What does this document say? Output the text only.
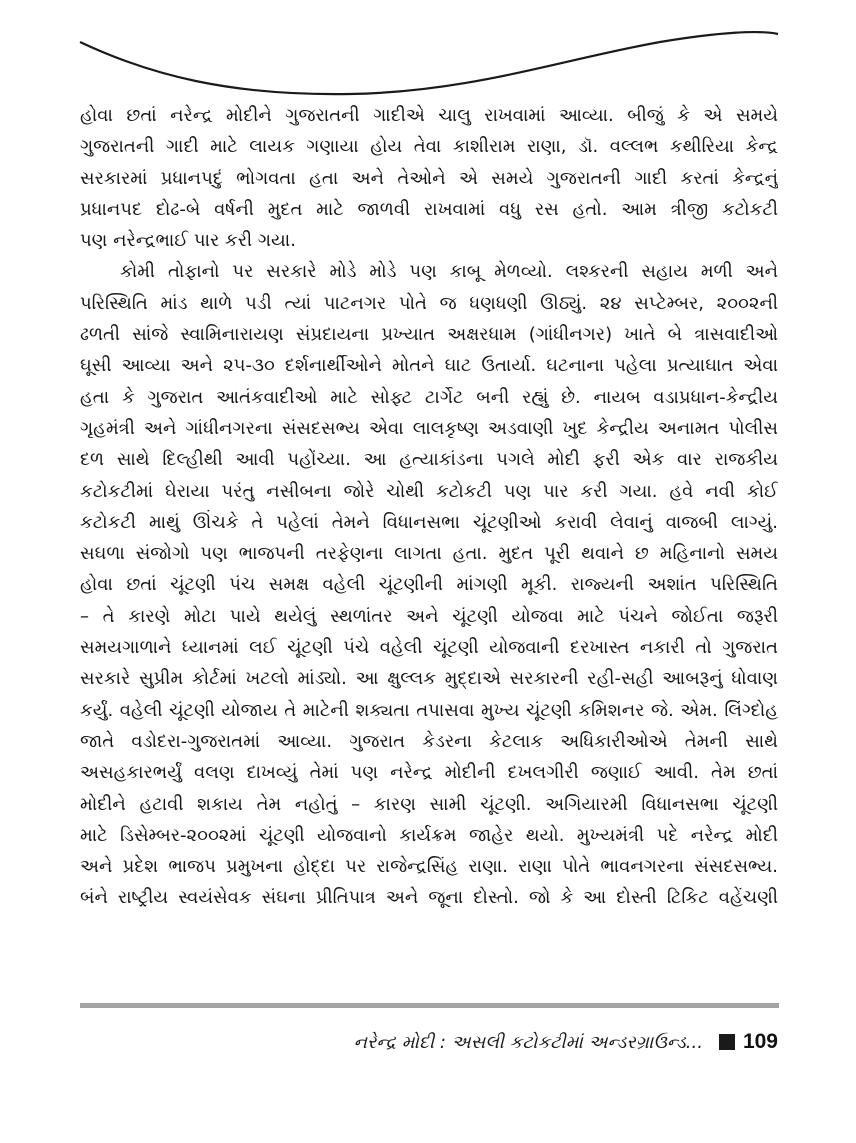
હોવા છતાં નરેન્દ્ર મોદીને ગુજરાતની ગાદીએ ચાલુ રાખવામાં આવ્યા. બીજું કે એ સમયે
ગુજરાતની ગાદી માટે લાયક ગણાયા હોય તેવા કાશીરામ રાણા, ડૉ. વલ્લભ કથીરિયા કેન્દ્ર
સરકારમાં પ્રધાનપદું ભોગવતા હતા અને તેઓને એ સમયે ગુજરાતની ગાદી કરતાં કેન્દ્રનું
પ્રધાનપદ દોઢ-બે વર્ષની મુદત માટે જાળવી રાખવામાં વધુ રસ હતો. આમ ત્રીજી કટોકટી
પણ નરેન્દ્રભાઈ પાર કરી ગયા.
કોમી તોફાનો પર સરકારે મોડે મોડે પણ કાબૂ મેળવ્યો. લશ્કરની સહાય મળી અને
પરિસ્થિતિ માંડ થાળે પડી ત્યાં પાટનગર પોતે જ ધણધણી ઊઠ્યું. ૨૪ સપ્ટેમ્બર, ૨૦૦૨ની
ઢળતી સાંજે સ્વામિનારાયણ સંપ્રદાયના પ્રખ્યાત અક્ષરધામ (ગાંધીનગર) ખાતે બે ત્રાસવાદીઓ
ઘૂસી આવ્યા અને ૨૫-૩૦ દર્શનાર્થીઓને મોતને ઘાટ ઉતાર્યા. ઘટનાના પહેલા પ્રત્યાઘાત એવા
હતા કે ગુજરાત આતંકવાદીઓ માટે સોફ્ટ ટાર્ગેટ બની રહ્યું છે. નાયબ વડાપ્રધાન-કેન્દ્રીય
ગૃહમંત્રી અને ગાંધીનગરના સંસદસભ્ય એવા લાલકૃષ્ણ અડવાણી ખુદ કેન્દ્રીય અનામત પોલીસ
દળ સાથે દિલ્હીથી આવી પહોંચ્યા. આ હત્યાકાંડના પગલે મોદી ફરી એક વાર રાજકીય
કટોકટીમાં ઘેરાયા પરંતુ નસીબના જોરે ચોથી કટોકટી પણ પાર કરી ગયા. હવે નવી કોઈ
કટોકટી માથું ઊંચકે તે પહેલાં તેમને વિધાનસભા ચૂંટણીઓ કરાવી લેવાનું વાજબી લાગ્યું.
સઘળા સંજોગો પણ ભાજપની તરફેણના લાગતા હતા. મુદત પૂરી થવાને છ મહિનાનો સમય
હોવા છતાં ચૂંટણી પંચ સમક્ષ વહેલી ચૂંટણીની માંગણી મૂકી. રાજ્યની અશાંત પરિસ્થિતિ
– તે કારણે મોટા પાયે થયેલું સ્થળાંતર અને ચૂંટણી યોજવા માટે પંચને જોઈતા જરૂરી
સમયગાળાને ધ્યાનમાં લઈ ચૂંટણી પંચે વહેલી ચૂંટણી યોજવાની દરખાસ્ત નકારી તો ગુજરાત
સરકારે સુપ્રીમ કોર્ટમાં ખટલો માંડ્યો. આ ક્ષુલ્લક મુદ્દાએ સરકારની રહી-સહી આબરૂનું ધોવાણ
કર્યું. વહેલી ચૂંટણી યોજાય તે માટેની શક્યતા તપાસવા મુખ્ય ચૂંટણી કમિશનર જે. એમ. લિંગ્દોહ
જાતે વડોદરા-ગુજરાતમાં આવ્યા. ગુજરાત કેડરના કેટલાક અધિકારીઓએ તેમની સાથે
અસહકારભર્યું વલણ દાખવ્યું તેમાં પણ નરેન્દ્ર મોદીની દખલગીરી જણાઈ આવી. તેમ છતાં
મોદીને હટાવી શકાય તેમ નહોતું – કારણ સામી ચૂંટણી. અગિયારમી વિધાનસભા ચૂંટણી
માટે ડિસેમ્બર-૨૦૦૨માં ચૂંટણી યોજવાનો કાર્યક્રમ જાહેર થયો. મુખ્યમંત્રી પદે નરેન્દ્ર મોદી
અને પ્રદેશ ભાજપ પ્રમુખના હોદ્દા પર રાજેન્દ્રસિંહ રાણા. રાણા પોતે ભાવનગરના સંસદસભ્ય.
બંને રાષ્ટ્રીય સ્વયંસેવક સંઘના પ્રીતિપાત્ર અને જૂના દોસ્તો. જો કે આ દોસ્તી ટિકિટ વહેંચણી
નરેન્દ્ર મોદી : અસલી કટોકટીમાં અન્ડરગ્રાઉન્ડ... 109
